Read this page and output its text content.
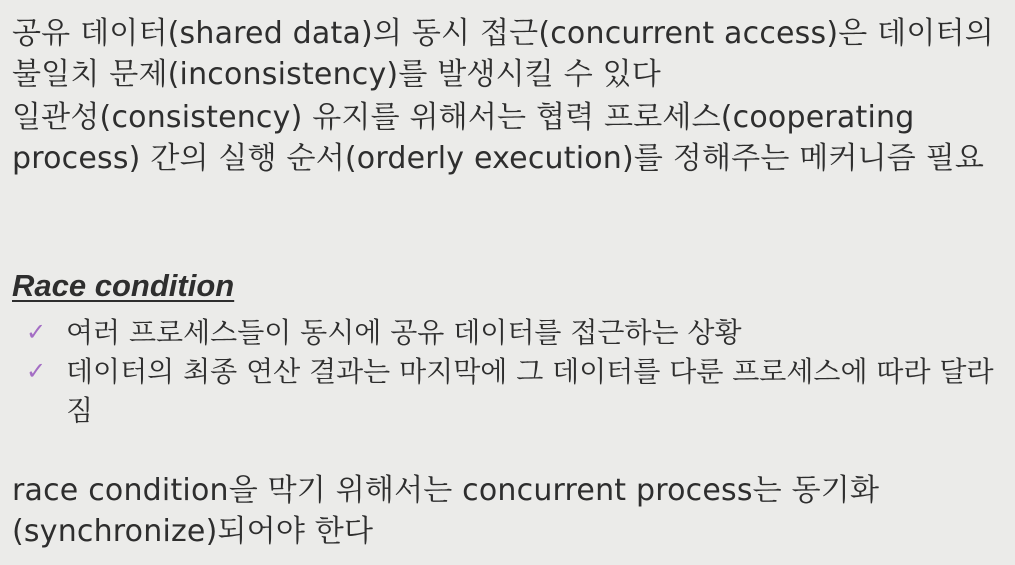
공유 데이터(shared data)의 동시 접근(concurrent access)은 데이터의 불일치 문제(inconsistency)를 발생시킬 수 있다

일관성(consistency) 유지를 위해서는 협력 프로세스(cooperating process) 간의 실행 순서(orderly execution)를 정해주는 메커니즘 필요

Race condition
✓ 여러 프로세스들이 동시에 공유 데이터를 접근하는 상황
✓ 데이터의 최종 연산 결과는 마지막에 그 데이터를 다룬 프로세스에 따라 달라짐

race condition을 막기 위해서는 concurrent process는 동기화(synchronize)되어야 한다
